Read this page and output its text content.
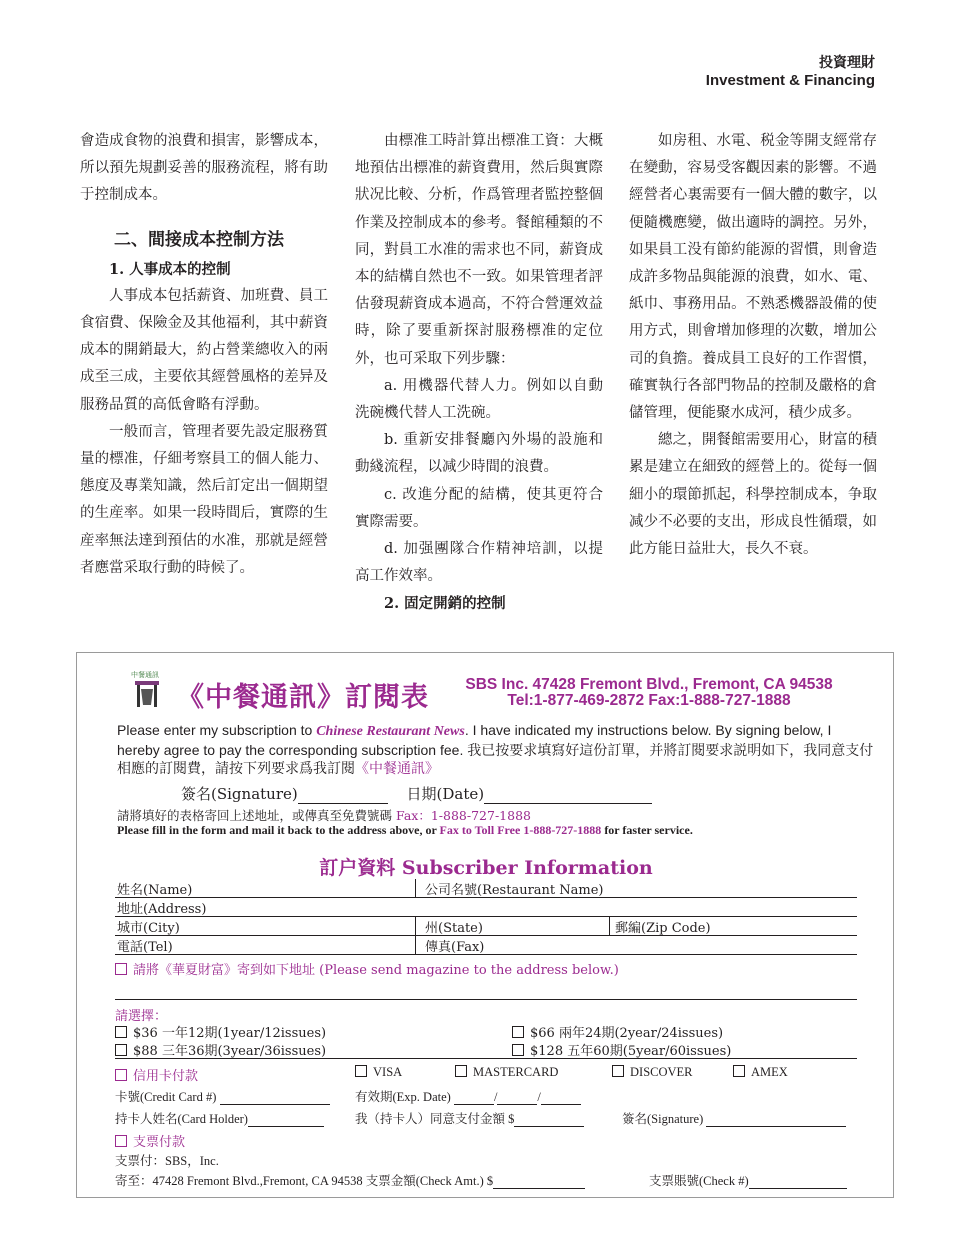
投資理財
Investment & Financing

會造成食物的浪費和損害，影響成本，所以預先規劃妥善的服務流程，將有助于控制成本。

二、間接成本控制方法
1. 人事成本的控制

人事成本包括薪資、加班費、員工食宿費、保險金及其他福利，其中薪資成本的開銷最大，約占營業總收入的兩成至三成，主要依其經營風格的差异及服務品質的高低會略有浮動。

一般而言，管理者要先設定服務質量的標准，仔細考察員工的個人能力、態度及專業知識，然后訂定出一個期望的生産率。如果一段時間后，實際的生産率無法達到預估的水准，那就是經營者應當采取行動的時候了。

由標准工時計算出標准工資：大概地預估出標准的薪資費用，然后與實際狀况比較、分析，作爲管理者監控整個作業及控制成本的參考。餐館種類的不同，對員工水准的需求也不同，薪資成本的結構自然也不一致。如果管理者評估發現薪資成本過高，不符合營運效益時，除了要重新探討服務標准的定位外，也可采取下列步驟：

a. 用機器代替人力。例如以自動洗碗機代替人工洗碗。

b. 重新安排餐廳內外場的設施和動綫流程，以减少時間的浪費。

c. 改進分配的結構，使其更符合實際需要。

d. 加强團隊合作精神培訓，以提高工作效率。

2. 固定開銷的控制

如房租、水電、税金等開支經常存在變動，容易受客觀因素的影響。不過經營者心裏需要有一個大體的數字，以便隨機應變，做出適時的調控。另外，如果員工没有節約能源的習慣，則會造成許多物品與能源的浪費，如水、電、紙巾、事務用品。不熟悉機器設備的使用方式，則會增加修理的次數，增加公司的負擔。養成員工良好的工作習慣，確實執行各部門物品的控制及嚴格的倉儲管理，便能聚水成河，積少成多。

總之，開餐館需要用心，財富的積累是建立在細致的經營上的。從每一個細小的環節抓起，科學控制成本，争取减少不必要的支出，形成良性循環，如此方能日益壯大，長久不衰。

中餐通訊
《中餐通訊》訂閱表	SBS Inc. 47428 Fremont Blvd., Fremont, CA 94538
Tel:1-877-469-2872 Fax:1-888-727-1888
Please enter my subscription to Chinese Restaurant News. I have indicated my instructions below. By signing below, I hereby agree to pay the corresponding subscription fee. 我已按要求填寫好這份訂單，并將訂閱要求説明如下，我同意支付相應的訂閱費，請按下列要求爲我訂閱《中餐通訊》
簽名(Signature)	日期(Date)
請將填好的表格寄回上述地址，或傳真至免費號碼 Fax：1-888-727-1888
Please fill in the form and mail it back to the address above, or Fax to Toll Free 1-888-727-1888 for faster service.
訂户資料 Subscriber Information
姓名(Name)	公司名號(Restaurant Name)
地址(Address)
城市(City)	州(State)	郵編(Zip Code)
電話(Tel)	傳真(Fax)
請將《華夏財富》寄到如下地址 (Please send magazine to the address below.)
請選擇：
$36 一年12期(1year/12issues)	$66 兩年24期(2year/24issues)
$88 三年36期(3year/36issues)	$128 五年60期(5year/60issues)
信用卡付款	VISA	MASTERCARD	DISCOVER	AMEX
卡號(Credit Card #)	有效期(Exp. Date)	/	/
持卡人姓名(Card Holder)	我（持卡人）同意支付金額 $	簽名(Signature)
支票付款
支票付：SBS，Inc.
寄至：47428 Fremont Blvd.,Fremont, CA 94538 支票金額(Check Amt.) $	支票賬號(Check #)
